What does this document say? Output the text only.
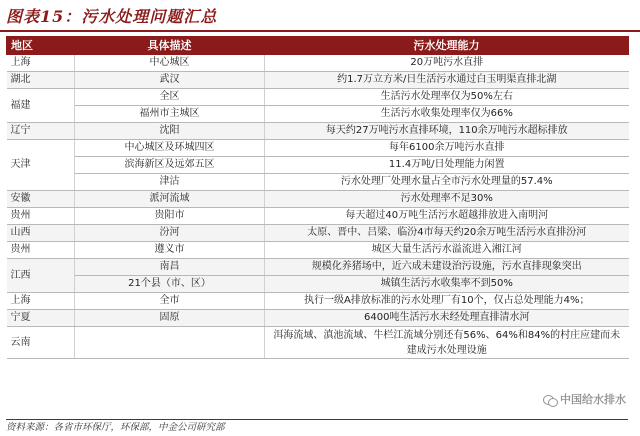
图表15：污水处理问题汇总
地区	具体描述	污水处理能力
上海	中心城区	20万吨污水直排
湖北	武汉	约1.7万立方米/日生活污水通过白玉明渠直排北湖
福建	全区	生活污水处理率仅为50%左右
	福州市主城区	生活污水收集处理率仅为66%
辽宁	沈阳	每天约27万吨污水直排环境，110余万吨污水超标排放
天津	中心城区及环城四区	每年6100余万吨污水直排
	滨海新区及远郊五区	11.4万吨/日处理能力闲置
	津沽	污水处理厂处理水量占全市污水处理量的57.4%
安徽	派河流域	污水处理率不足30%
贵州	贵阳市	每天超过40万吨生活污水超越排放进入南明河
山西	汾河	太原、晋中、吕梁、临汾4市每天约20余万吨生活污水直排汾河
贵州	遵义市	城区大量生活污水溢流进入湘江河
江西	南昌	规模化养猪场中，近六成未建设治污设施，污水直排现象突出
	21个县（市、区）	城镇生活污水收集率不到50%
上海	全市	执行一级A排放标准的污水处理厂有10个，仅占总处理能力4%；
宁夏	固原	6400吨生活污水未经处理直排清水河
云南		洱海流域、滇池流域、牛栏江流域分别还有56%、64%和84%的村庄应建而未建成污水处理设施
中国给水排水
资料来源：各省市环保厅，环保部，中金公司研究部
